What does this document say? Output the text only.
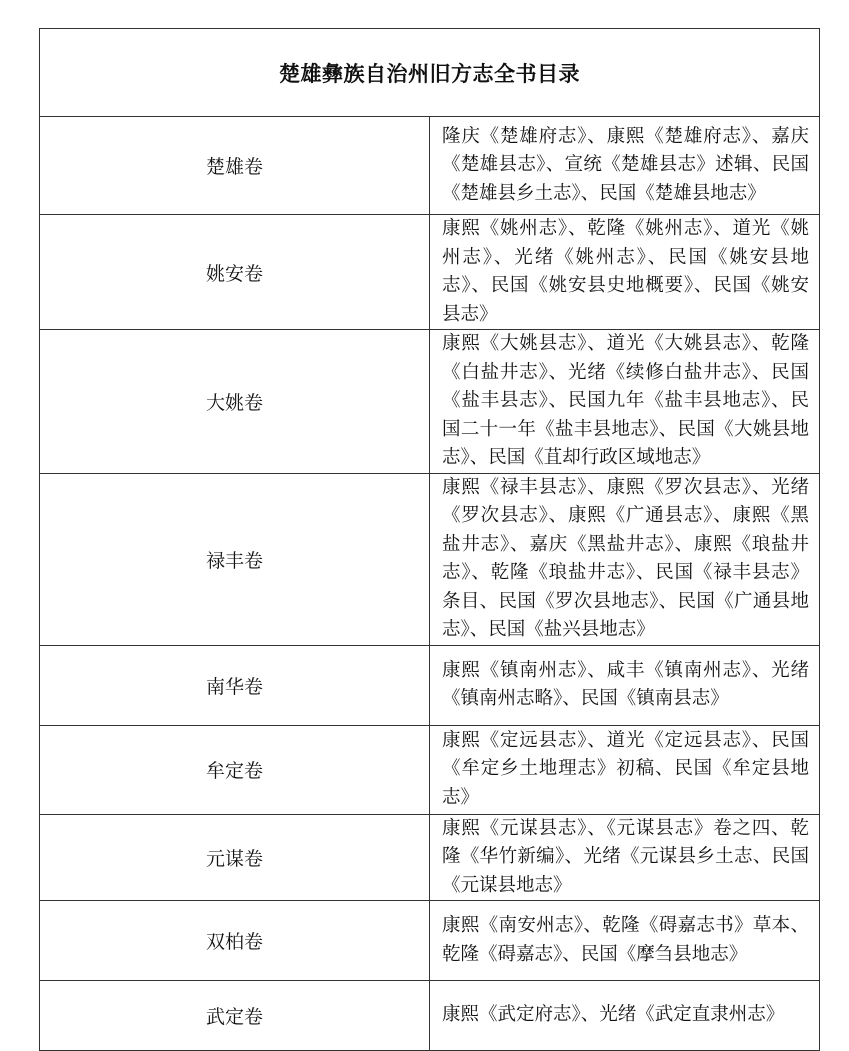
楚雄彝族自治州旧方志全书目录	
楚雄卷	隆庆《楚雄府志》、康熙《楚雄府志》、嘉庆《楚雄县志》、宣统《楚雄县志》述辑、民国《楚雄县乡土志》、民国《楚雄县地志》
姚安卷	康熙《姚州志》、乾隆《姚州志》、道光《姚州志》、光绪《姚州志》、民国《姚安县地志》、民国《姚安县史地概要》、民国《姚安县志》
大姚卷	康熙《大姚县志》、道光《大姚县志》、乾隆《白盐井志》、光绪《续修白盐井志》、民国《盐丰县志》、民国九年《盐丰县地志》、民国二十一年《盐丰县地志》、民国《大姚县地志》、民国《苴却行政区域地志》
禄丰卷	康熙《禄丰县志》、康熙《罗次县志》、光绪《罗次县志》、康熙《广通县志》、康熙《黑盐井志》、嘉庆《黑盐井志》、康熙《琅盐井志》、乾隆《琅盐井志》、民国《禄丰县志》条目、民国《罗次县地志》、民国《广通县地志》、民国《盐兴县地志》
南华卷	康熙《镇南州志》、咸丰《镇南州志》、光绪《镇南州志略》、民国《镇南县志》
牟定卷	康熙《定远县志》、道光《定远县志》、民国《牟定乡土地理志》初稿、民国《牟定县地志》
元谋卷	康熙《元谋县志》、《元谋县志》卷之四、乾隆《华竹新编》、光绪《元谋县乡土志、民国《元谋县地志》
双柏卷	康熙《南安州志》、乾隆《碍嘉志书》草本、乾隆《碍嘉志》、民国《摩刍县地志》
武定卷	康熙《武定府志》、光绪《武定直隶州志》
